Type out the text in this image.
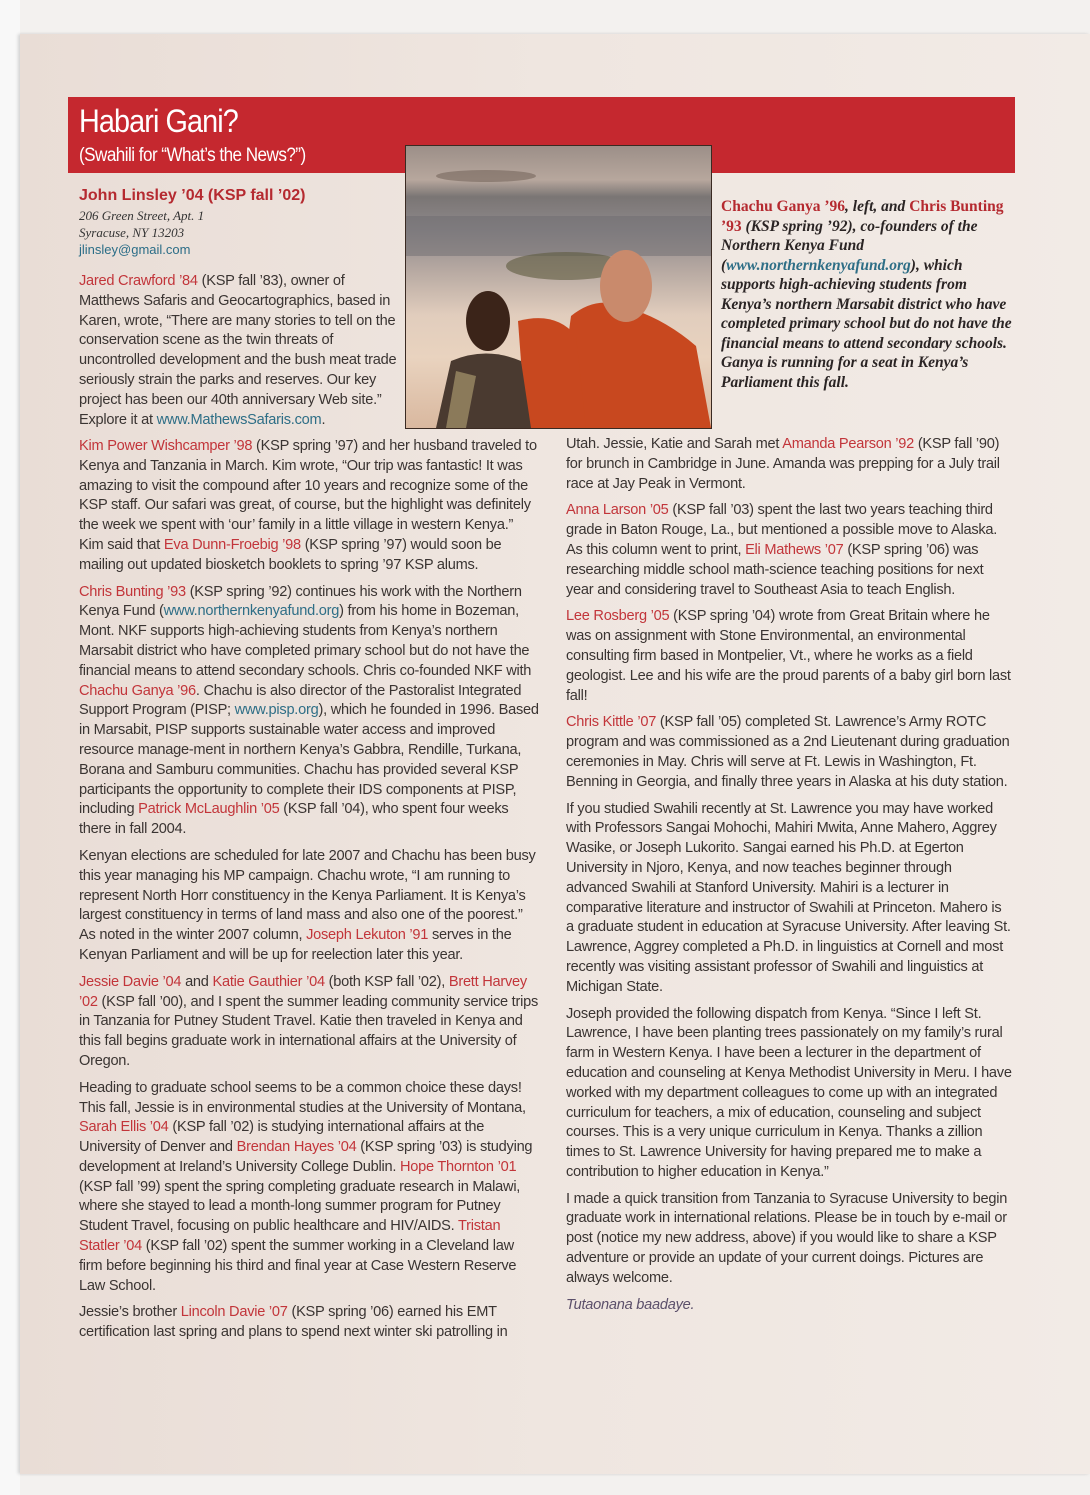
Habari Gani?
(Swahili for “What’s the News?”)
John Linsley ’04 (KSP fall ’02)
206 Green Street, Apt. 1
Syracuse, NY 13203
jlinsley@gmail.com

Jared Crawford ’84 (KSP fall ’83), owner of Matthews Safaris and Geocartographics, based in Karen, wrote, “There are many stories to tell on the conservation scene as the twin threats of uncontrolled development and the bush meat trade seriously strain the parks and reserves. Our key project has been our 40th anniversary Web site.” Explore it at www.MathewsSafaris.com.

Chachu Ganya ’96, left, and Chris Bunting ’93 (KSP spring ’92), co-founders of the Northern Kenya Fund (www.northernkenyafund.org), which supports high-achieving students from Kenya’s northern Marsabit district who have completed primary school but do not have the financial means to attend secondary schools. Ganya is running for a seat in Kenya’s Parliament this fall.

Kim Power Wishcamper ’98 (KSP spring ’97) and her husband traveled to Kenya and Tanzania in March. Kim wrote, “Our trip was fantastic! It was amazing to visit the compound after 10 years and recognize some of the KSP staff. Our safari was great, of course, but the highlight was definitely the week we spent with ‘our’ family in a little village in western Kenya.” Kim said that Eva Dunn-Froebig ’98 (KSP spring ’97) would soon be mailing out updated biosketch booklets to spring ’97 KSP alums.

Chris Bunting ’93 (KSP spring ’92) continues his work with the Northern Kenya Fund (www.northernkenyafund.org) from his home in Bozeman, Mont. NKF supports high-achieving students from Kenya’s northern Marsabit district who have completed primary school but do not have the financial means to attend secondary schools. Chris co-founded NKF with Chachu Ganya ’96. Chachu is also director of the Pastoralist Integrated Support Program (PISP; www.pisp.org), which he founded in 1996. Based in Marsabit, PISP supports sustainable water access and improved resource manage-ment in northern Kenya’s Gabbra, Rendille, Turkana, Borana and Samburu communities. Chachu has provided several KSP participants the opportunity to complete their IDS components at PISP, including Patrick McLaughlin ’05 (KSP fall ’04), who spent four weeks there in fall 2004.

Kenyan elections are scheduled for late 2007 and Chachu has been busy this year managing his MP campaign. Chachu wrote, “I am running to represent North Horr constituency in the Kenya Parliament. It is Kenya’s largest constituency in terms of land mass and also one of the poorest.” As noted in the winter 2007 column, Joseph Lekuton ’91 serves in the Kenyan Parliament and will be up for reelection later this year.

Jessie Davie ’04 and Katie Gauthier ’04 (both KSP fall ’02), Brett Harvey ’02 (KSP fall ’00), and I spent the summer leading community service trips in Tanzania for Putney Student Travel. Katie then traveled in Kenya and this fall begins graduate work in international affairs at the University of Oregon.

Heading to graduate school seems to be a common choice these days! This fall, Jessie is in environmental studies at the University of Montana, Sarah Ellis ’04 (KSP fall ’02) is studying international affairs at the University of Denver and Brendan Hayes ’04 (KSP spring ’03) is studying development at Ireland’s University College Dublin. Hope Thornton ’01 (KSP fall ’99) spent the spring completing graduate research in Malawi, where she stayed to lead a month-long summer program for Putney Student Travel, focusing on public healthcare and HIV/AIDS. Tristan Statler ’04 (KSP fall ’02) spent the summer working in a Cleveland law firm before beginning his third and final year at Case Western Reserve Law School.

Jessie’s brother Lincoln Davie ’07 (KSP spring ’06) earned his EMT certification last spring and plans to spend next winter ski patrolling in

Utah. Jessie, Katie and Sarah met Amanda Pearson ’92 (KSP fall ’90) for brunch in Cambridge in June. Amanda was prepping for a July trail race at Jay Peak in Vermont.

Anna Larson ’05 (KSP fall ’03) spent the last two years teaching third grade in Baton Rouge, La., but mentioned a possible move to Alaska. As this column went to print, Eli Mathews ’07 (KSP spring ’06) was researching middle school math-science teaching positions for next year and considering travel to Southeast Asia to teach English.

Lee Rosberg ’05 (KSP spring ’04) wrote from Great Britain where he was on assignment with Stone Environmental, an environmental consulting firm based in Montpelier, Vt., where he works as a field geologist. Lee and his wife are the proud parents of a baby girl born last fall!

Chris Kittle ’07 (KSP fall ’05) completed St. Lawrence’s Army ROTC program and was commissioned as a 2nd Lieutenant during graduation ceremonies in May. Chris will serve at Ft. Lewis in Washington, Ft. Benning in Georgia, and finally three years in Alaska at his duty station.

If you studied Swahili recently at St. Lawrence you may have worked with Professors Sangai Mohochi, Mahiri Mwita, Anne Mahero, Aggrey Wasike, or Joseph Lukorito. Sangai earned his Ph.D. at Egerton University in Njoro, Kenya, and now teaches beginner through advanced Swahili at Stanford University. Mahiri is a lecturer in comparative literature and instructor of Swahili at Princeton. Mahero is a graduate student in education at Syracuse University. After leaving St. Lawrence, Aggrey completed a Ph.D. in linguistics at Cornell and most recently was visiting assistant professor of Swahili and linguistics at Michigan State.

Joseph provided the following dispatch from Kenya. “Since I left St. Lawrence, I have been planting trees passionately on my family’s rural farm in Western Kenya. I have been a lecturer in the department of education and counseling at Kenya Methodist University in Meru. I have worked with my department colleagues to come up with an integrated curriculum for teachers, a mix of education, counseling and subject courses. This is a very unique curriculum in Kenya. Thanks a zillion times to St. Lawrence University for having prepared me to make a contribution to higher education in Kenya.”

I made a quick transition from Tanzania to Syracuse University to begin graduate work in international relations. Please be in touch by e-mail or post (notice my new address, above) if you would like to share a KSP adventure or provide an update of your current doings. Pictures are always welcome.

Tutaonana baadaye.
